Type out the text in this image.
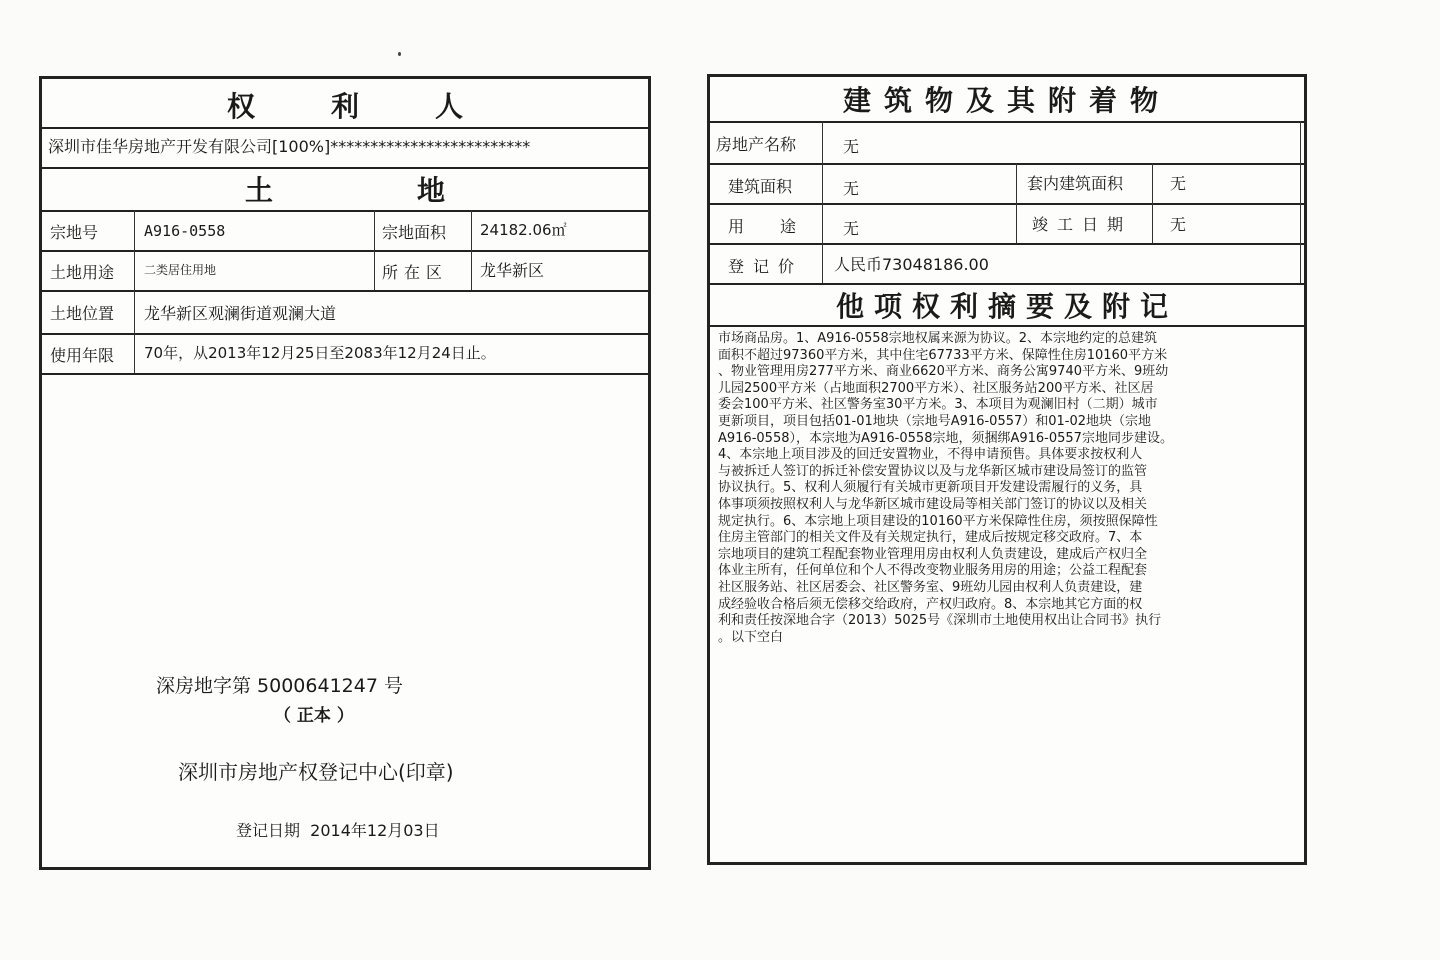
权	利	人
深圳市佳华房地产开发有限公司[100%]*************************
土	地
宗地号	A916-0558	宗地面积 24182.06㎡
土地用途 二类居住用地	所在区 龙华新区
土地位置 龙华新区观澜街道观澜大道
使用年限 70年，从2013年12月25日至2083年12月24日止。
深房地字第 5000641247 号
（ 正本 ）
深圳市房地产权登记中心(印章)
登记日期  2014年12月03日
建筑物及其附着物
房地产名称	无
建筑面积	无	套内建筑面积	无
用途 无	竣工日期 无
登记价 人民币73048186.00
他项权利摘要及附记
市场商品房。1、A916-0558宗地权属来源为协议。2、本宗地约定的总建筑
面积不超过97360平方米，其中住宅67733平方米、保障性住房10160平方米
、物业管理用房277平方米、商业6620平方米、商务公寓9740平方米、9班幼
儿园2500平方米（占地面积2700平方米）、社区服务站200平方米、社区居
委会100平方米、社区警务室30平方米。3、本项目为观澜旧村（二期）城市
更新项目，项目包括01-01地块（宗地号A916-0557）和01-02地块（宗地
A916-0558），本宗地为A916-0558宗地，须捆绑A916-0557宗地同步建设。
4、本宗地上项目涉及的回迁安置物业，不得申请预售。具体要求按权利人
与被拆迁人签订的拆迁补偿安置协议以及与龙华新区城市建设局签订的监管
协议执行。5、权利人须履行有关城市更新项目开发建设需履行的义务，具
体事项须按照权利人与龙华新区城市建设局等相关部门签订的协议以及相关
规定执行。6、本宗地上项目建设的10160平方米保障性住房，须按照保障性
住房主管部门的相关文件及有关规定执行，建成后按规定移交政府。7、本
宗地项目的建筑工程配套物业管理用房由权利人负责建设，建成后产权归全
体业主所有，任何单位和个人不得改变物业服务用房的用途；公益工程配套
社区服务站、社区居委会、社区警务室、9班幼儿园由权利人负责建设，建
成经验收合格后须无偿移交给政府，产权归政府。8、本宗地其它方面的权
利和责任按深地合字（2013）5025号《深圳市土地使用权出让合同书》执行
。以下空白
